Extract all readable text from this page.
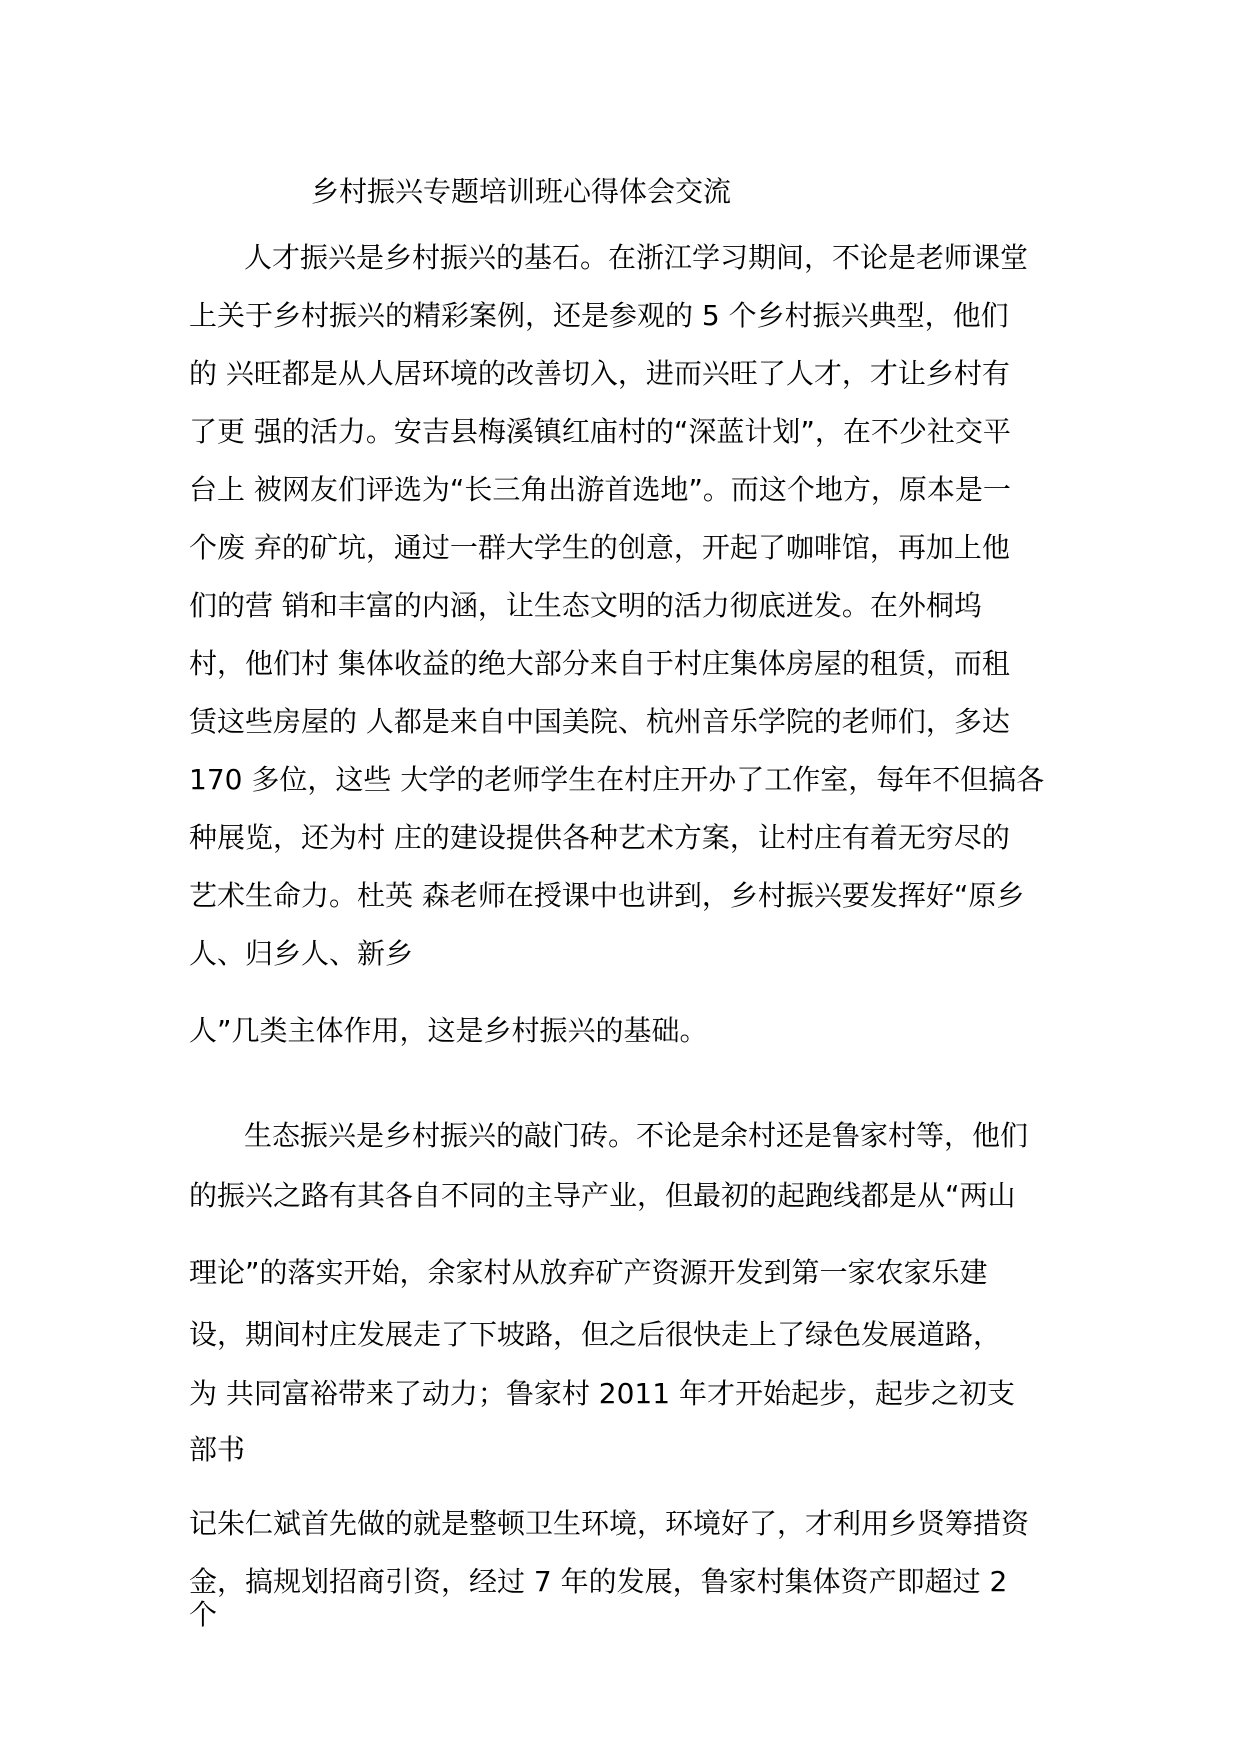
乡村振兴专题培训班心得体会交流
人才振兴是乡村振兴的基石。在浙江学习期间，不论是老师课堂
上关于乡村振兴的精彩案例，还是参观的 5 个乡村振兴典型，他们
的 兴旺都是从人居环境的改善切入，进而兴旺了人才，才让乡村有
了更 强的活力。安吉县梅溪镇红庙村的“深蓝计划”，在不少社交平
台上 被网友们评选为“长三角出游首选地”。而这个地方，原本是一
个废 弃的矿坑，通过一群大学生的创意，开起了咖啡馆，再加上他
们的营 销和丰富的内涵，让生态文明的活力彻底迸发。在外桐坞
村，他们村 集体收益的绝大部分来自于村庄集体房屋的租赁，而租
赁这些房屋的 人都是来自中国美院、杭州音乐学院的老师们，多达
170 多位，这些 大学的老师学生在村庄开办了工作室，每年不但搞各
种展览，还为村 庄的建设提供各种艺术方案，让村庄有着无穷尽的
艺术生命力。杜英 森老师在授课中也讲到，乡村振兴要发挥好“原乡
人、归乡人、新乡
人”几类主体作用，这是乡村振兴的基础。
生态振兴是乡村振兴的敲门砖。不论是余村还是鲁家村等，他们
的振兴之路有其各自不同的主导产业，但最初的起跑线都是从“两山
理论”的落实开始，余家村从放弃矿产资源开发到第一家农家乐建
设，期间村庄发展走了下坡路，但之后很快走上了绿色发展道路，
为 共同富裕带来了动力；鲁家村 2011 年才开始起步，起步之初支
部书
记朱仁斌首先做的就是整顿卫生环境，环境好了，才利用乡贤筹措资
金，搞规划招商引资，经过 7 年的发展，鲁家村集体资产即超过 2
个
